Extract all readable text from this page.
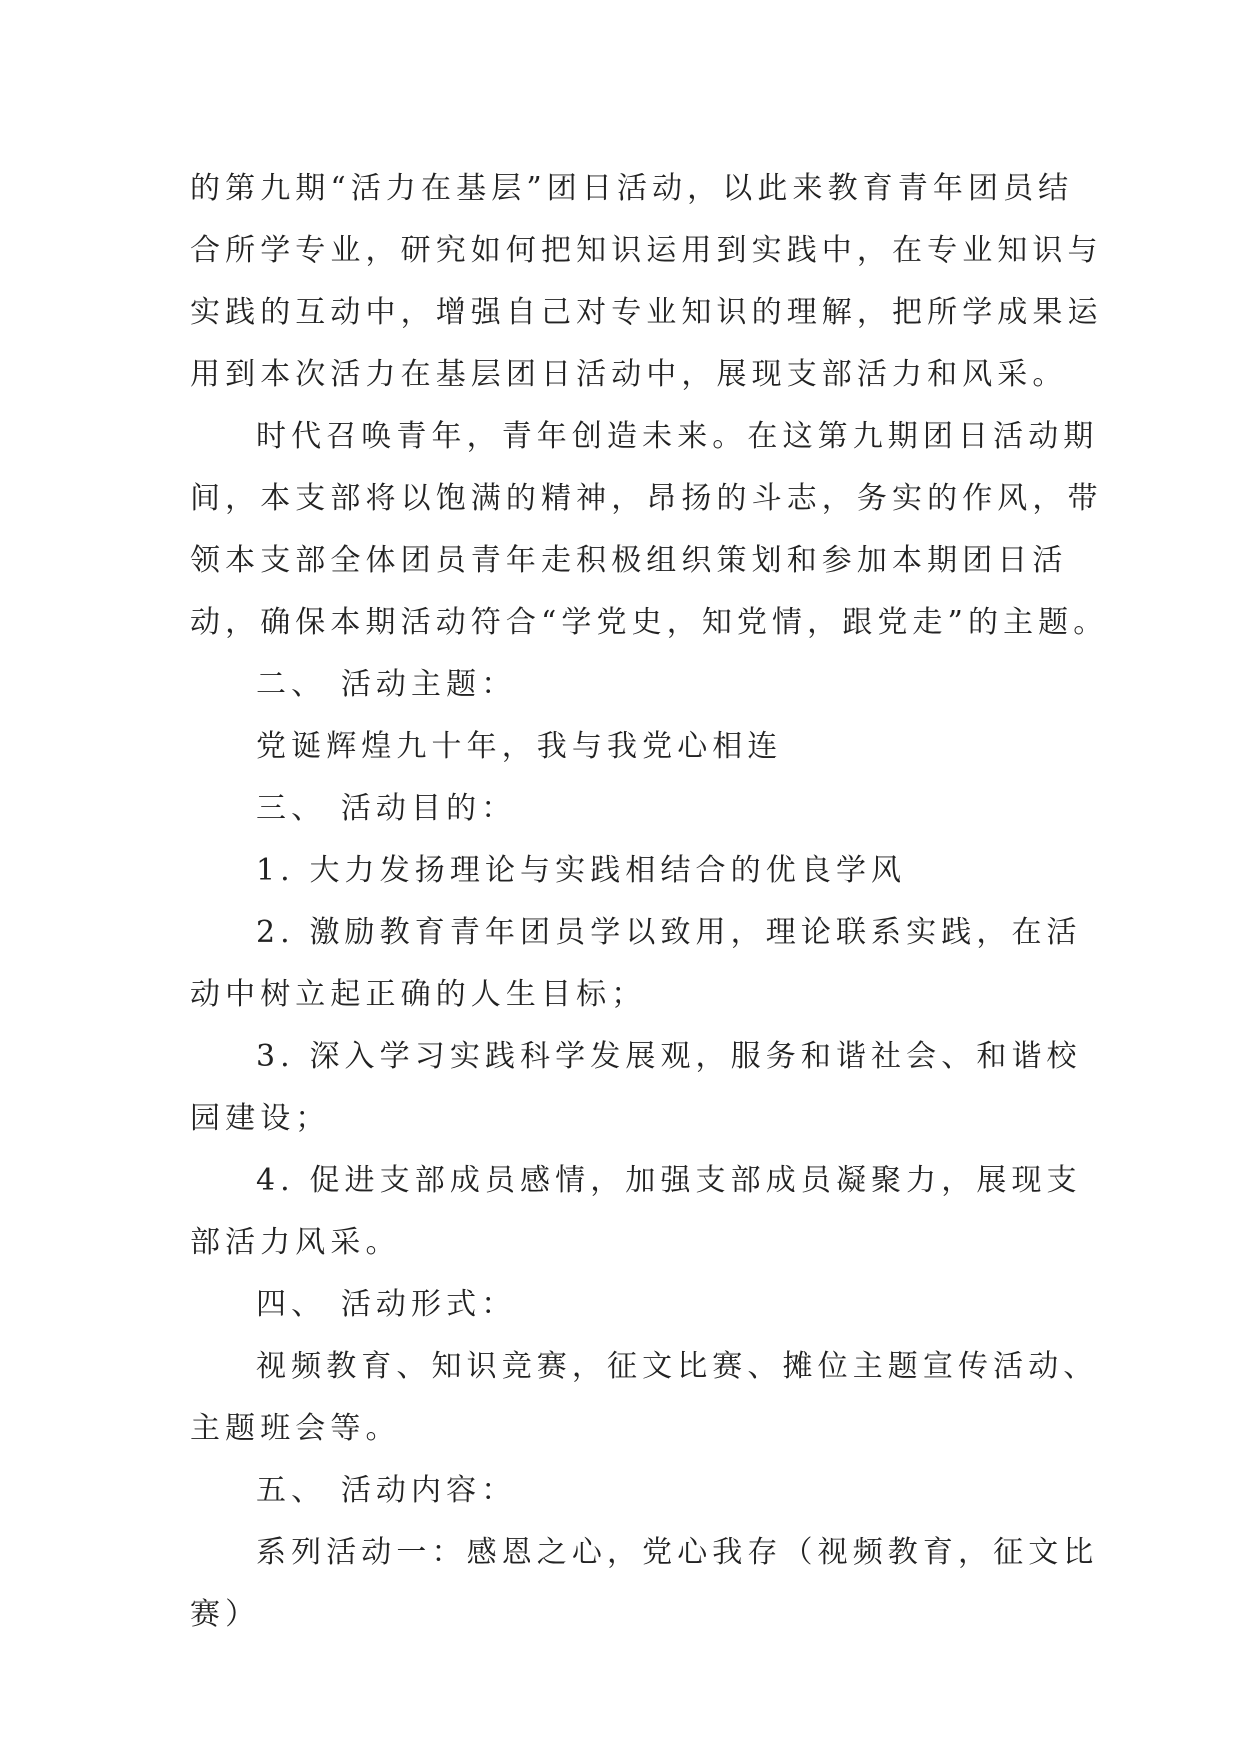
的第九期“活力在基层”团日活动，以此来教育青年团员结
合所学专业，研究如何把知识运用到实践中，在专业知识与
实践的互动中，增强自己对专业知识的理解，把所学成果运
用到本次活力在基层团日活动中，展现支部活力和风采。
时代召唤青年，青年创造未来。在这第九期团日活动期
间，本支部将以饱满的精神，昂扬的斗志，务实的作风，带
领本支部全体团员青年走积极组织策划和参加本期团日活
动，确保本期活动符合“学党史，知党情，跟党走”的主题。
二、 活动主题：
党诞辉煌九十年，我与我党心相连
三、 活动目的：
1. 大力发扬理论与实践相结合的优良学风
2. 激励教育青年团员学以致用，理论联系实践，在活
动中树立起正确的人生目标；
3. 深入学习实践科学发展观，服务和谐社会、和谐校
园建设；
4. 促进支部成员感情，加强支部成员凝聚力，展现支
部活力风采。
四、 活动形式：
视频教育、知识竞赛，征文比赛、摊位主题宣传活动、
主题班会等。
五、 活动内容：
系列活动一：感恩之心，党心我存（视频教育，征文比
赛）
